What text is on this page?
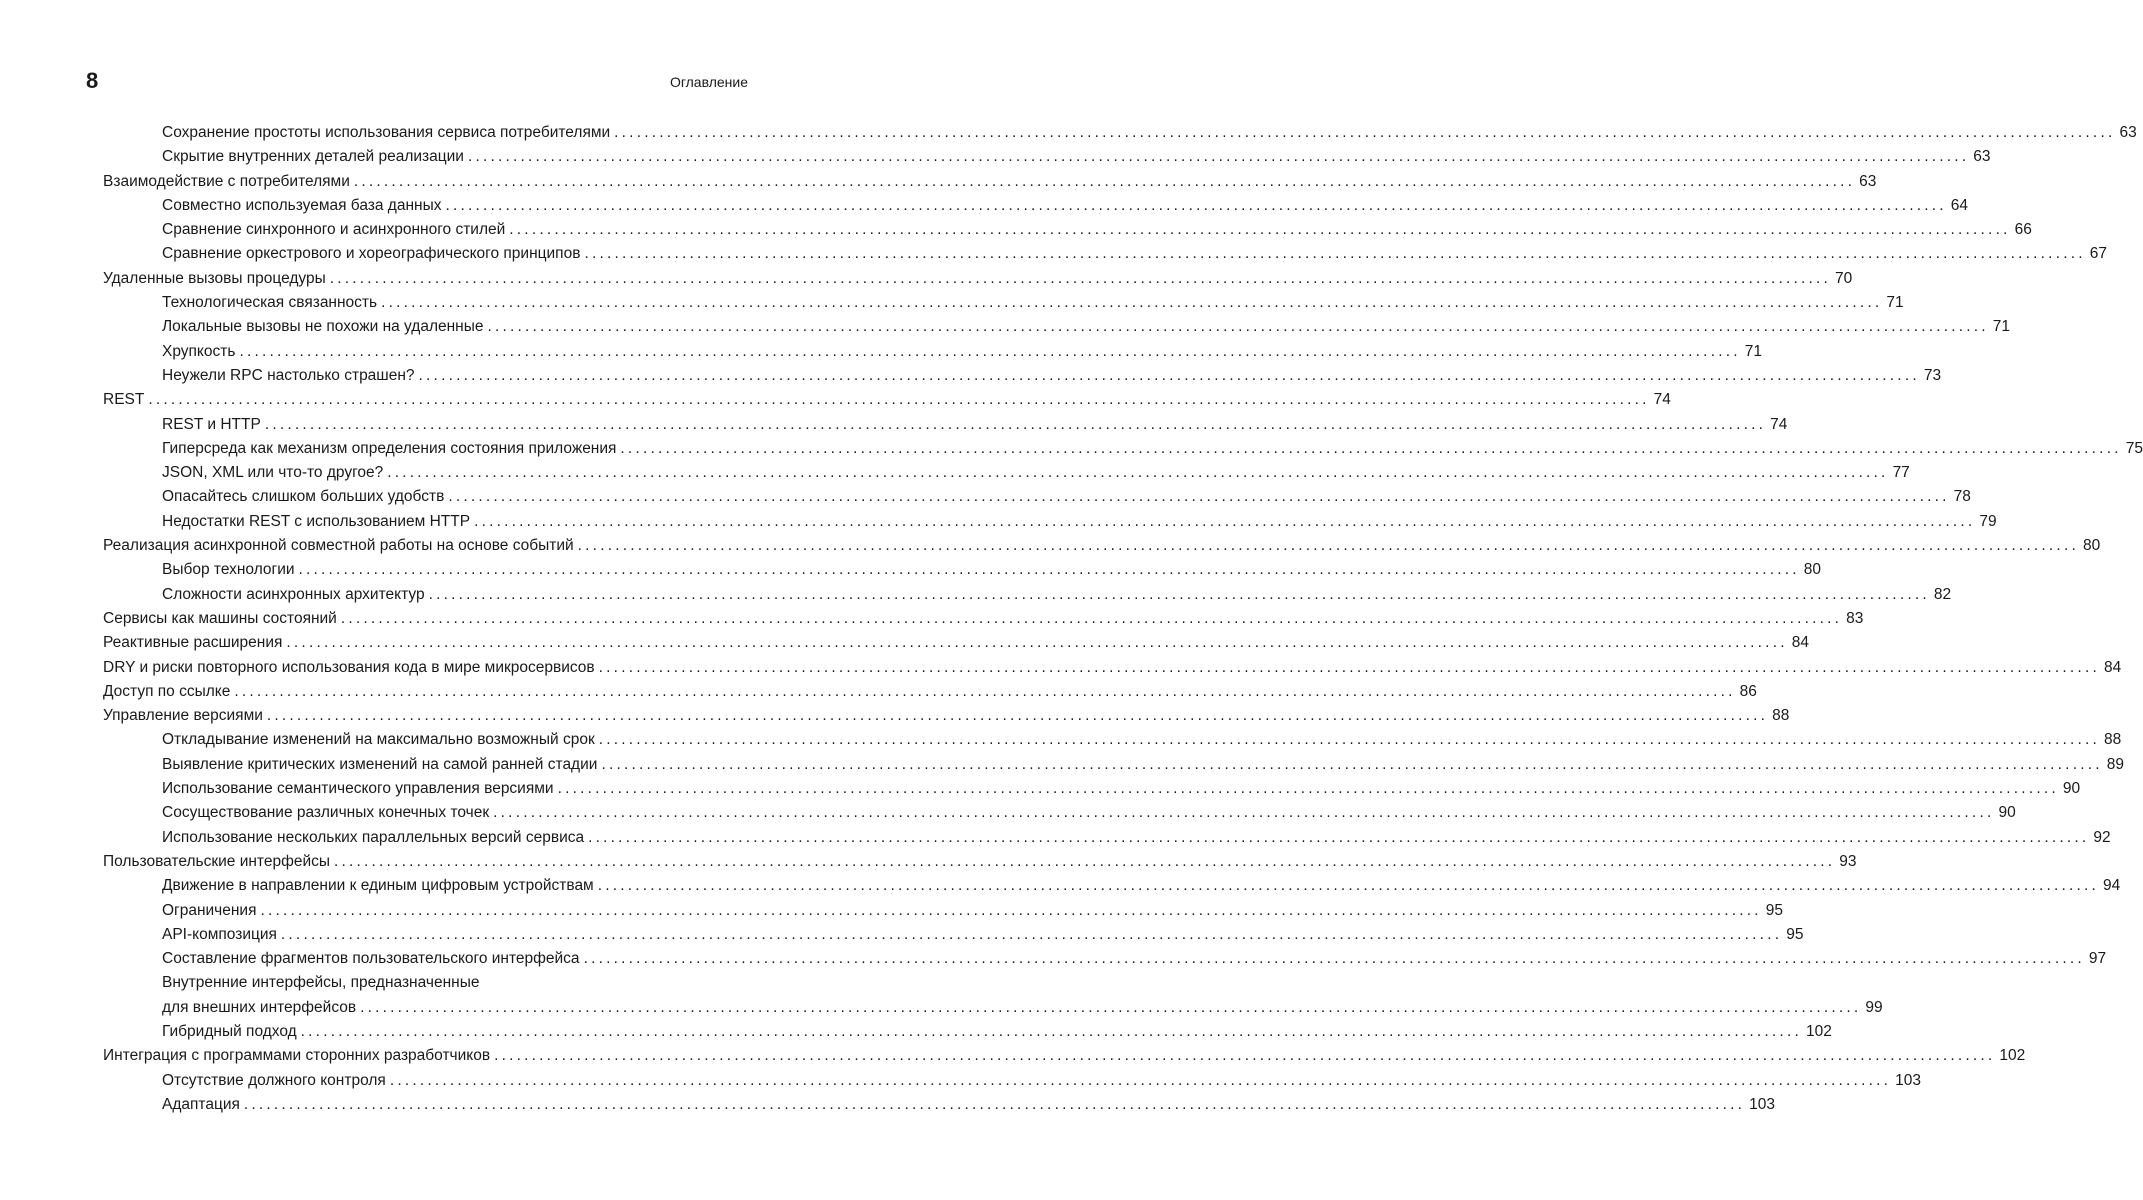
8	Оглавление
Сохранение простоты использования сервиса потребителями ........................................................................................................................................................................................................ 63
Скрытие внутренних деталей реализации ........................................................................................................................................................................................................ 63
Взаимодействие с потребителями ........................................................................................................................................................................................................ 63
Совместно используемая база данных ........................................................................................................................................................................................................ 64
Сравнение синхронного и асинхронного стилей ........................................................................................................................................................................................................ 66
Сравнение оркестрового и хореографического принципов ........................................................................................................................................................................................................ 67
Удаленные вызовы процедуры ........................................................................................................................................................................................................ 70
Технологическая связанность ........................................................................................................................................................................................................ 71
Локальные вызовы не похожи на удаленные ........................................................................................................................................................................................................ 71
Хрупкость ........................................................................................................................................................................................................ 71
Неужели RPC настолько страшен? ........................................................................................................................................................................................................ 73
REST ........................................................................................................................................................................................................ 74
REST и HTTP ........................................................................................................................................................................................................ 74
Гиперсреда как механизм определения состояния приложения ........................................................................................................................................................................................................ 75
JSON, XML или что-то другое? ........................................................................................................................................................................................................ 77
Опасайтесь слишком больших удобств ........................................................................................................................................................................................................ 78
Недостатки REST с использованием HTTP ........................................................................................................................................................................................................ 79
Реализация асинхронной совместной работы на основе событий ........................................................................................................................................................................................................ 80
Выбор технологии ........................................................................................................................................................................................................ 80
Сложности асинхронных архитектур ........................................................................................................................................................................................................ 82
Сервисы как машины состояний ........................................................................................................................................................................................................ 83
Реактивные расширения ........................................................................................................................................................................................................ 84
DRY и риски повторного использования кода в мире микросервисов ........................................................................................................................................................................................................ 84
Доступ по ссылке ........................................................................................................................................................................................................ 86
Управление версиями ........................................................................................................................................................................................................ 88
Откладывание изменений на максимально возможный срок ........................................................................................................................................................................................................ 88
Выявление критических изменений на самой ранней стадии ........................................................................................................................................................................................................ 89
Использование семантического управления версиями ........................................................................................................................................................................................................ 90
Сосуществование различных конечных точек ........................................................................................................................................................................................................ 90
Использование нескольких параллельных версий сервиса ........................................................................................................................................................................................................ 92
Пользовательские интерфейсы ........................................................................................................................................................................................................ 93
Движение в направлении к единым цифровым устройствам ........................................................................................................................................................................................................ 94
Ограничения ........................................................................................................................................................................................................ 95
API-композиция ........................................................................................................................................................................................................ 95
Составление фрагментов пользовательского интерфейса ........................................................................................................................................................................................................ 97
Внутренние интерфейсы, предназначенные
для внешних интерфейсов ........................................................................................................................................................................................................ 99
Гибридный подход ........................................................................................................................................................................................................ 102
Интеграция с программами сторонних разработчиков ........................................................................................................................................................................................................ 102
Отсутствие должного контроля ........................................................................................................................................................................................................ 103
Адаптация ........................................................................................................................................................................................................ 103
